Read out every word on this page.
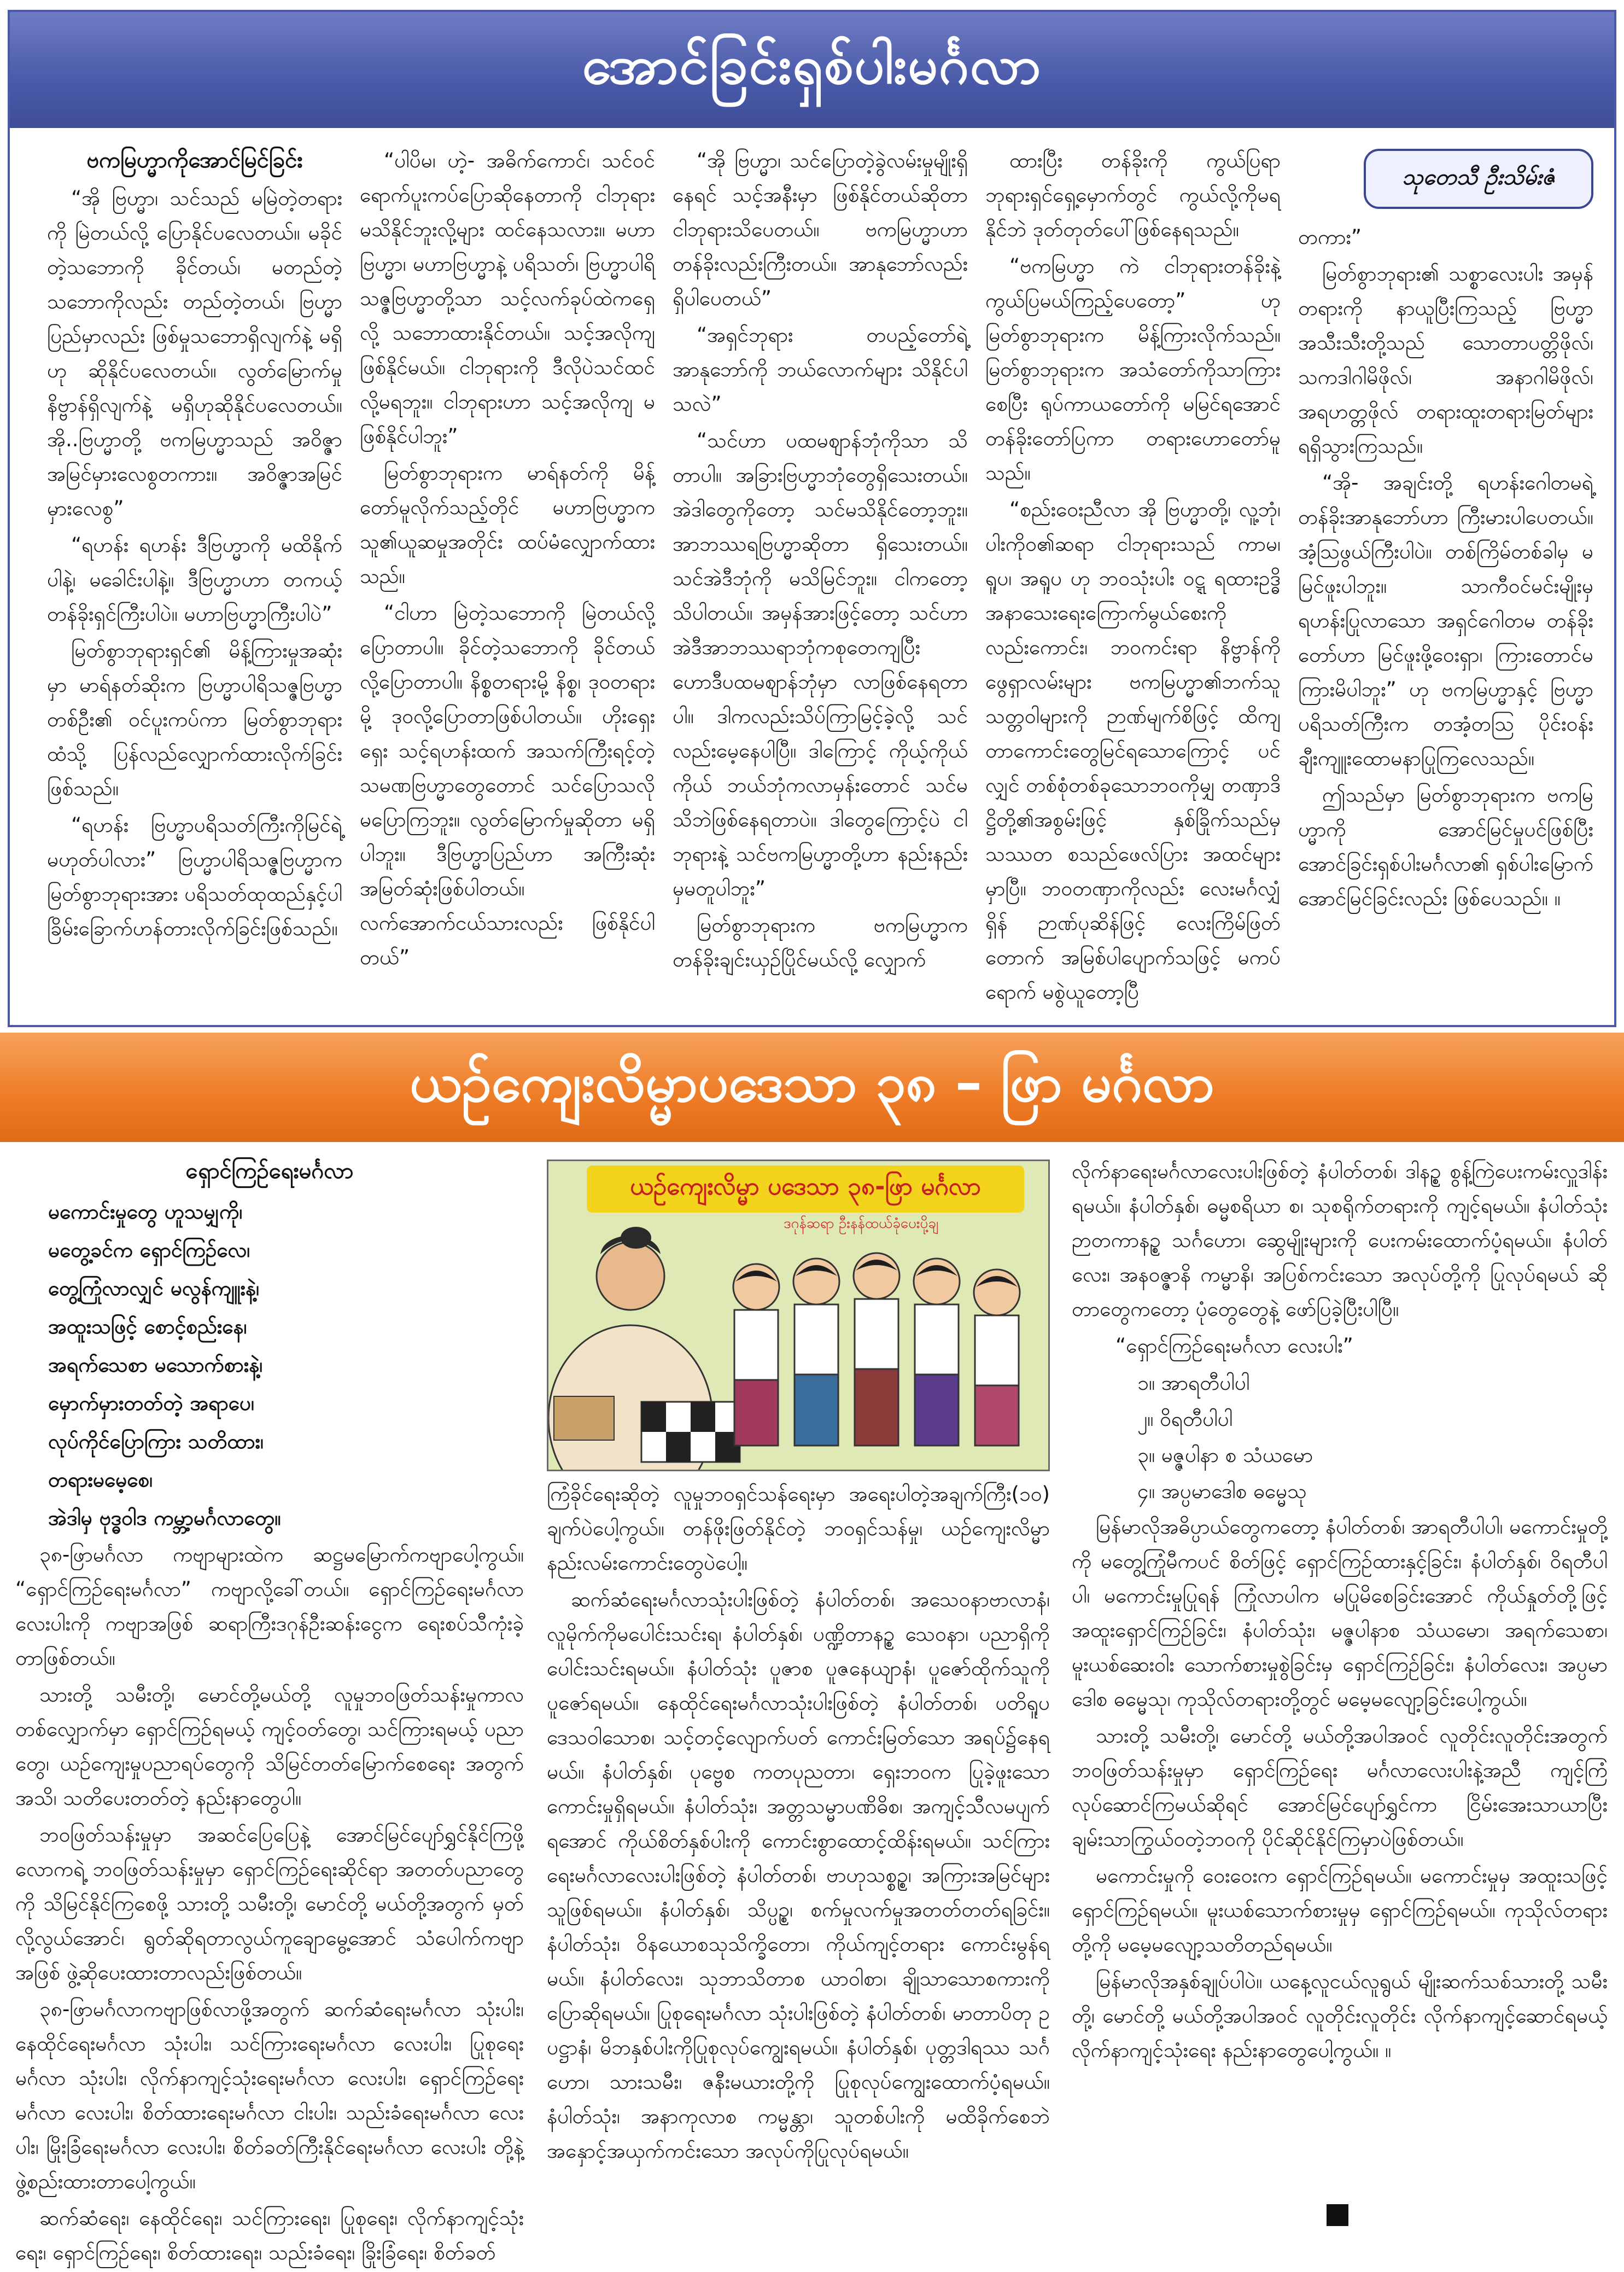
အောင်ခြင်းရှစ်ပါးမင်္ဂလာ
ဗကမြဟ္မာကိုအောင်မြင်ခြင်း

“အို ဗြဟ္မာ၊ သင်သည် မမြဲတဲ့တရားကို မြဲတယ်လို့ ပြောနိုင်ပလေတယ်။ မခိုင်တဲ့သဘောကို ခိုင်တယ်၊ မတည်တဲ့သဘောကိုလည်း တည်တဲ့တယ်၊ ဗြဟ္မာပြည်မှာလည်း ဖြစ်မှုသဘောရှိလျက်နဲ့ မရှိဟု ဆိုနိုင်ပလေတယ်။ လွတ်မြောက်မှုနိဗ္ဗာန်ရှိလျက်နဲ့ မရှိဟုဆိုနိုင်ပလေတယ်။ အို..ဗြဟ္မာတို့ ဗကမြဟ္မာသည် အဝိဇ္ဇာအမြင်မှားလေစွတကား။ အဝိဇ္ဇာအမြင်မှားလေစွ”

“ရဟန်း ရဟန်း ဒီဗြဟ္မာကို မထိနိုက်ပါနဲ့၊ မခေါင်းပါနဲ့။ ဒီဗြဟ္မာဟာ တကယ့်တန်ခိုးရှင်ကြီးပါပဲ။ မဟာဗြဟ္မာကြီးပါပဲ”

မြတ်စွာဘုရားရှင်၏ မိန့်ကြားမှုအဆုံးမှာ မာရ်နတ်ဆိုးက ဗြဟ္မာပါရိသဇ္ဇဗြဟ္မာတစ်ဦး၏ ဝင်ပူးကပ်ကာ မြတ်စွာဘုရားထံသို့ ပြန်လည်လျှောက်ထားလိုက်ခြင်းဖြစ်သည်။

“ရဟန်း ဗြဟ္မာပရိသတ်ကြီးကိုမြင်ရဲ့မဟုတ်ပါလား” ဗြဟ္မာပါရိသဇ္ဇဗြဟ္မာက မြတ်စွာဘုရားအား ပရိသတ်ထုထည်နှင့်ပါ ခြိမ်းခြောက်ဟန်တားလိုက်ခြင်းဖြစ်သည်။

“ပါပိမ၊ ဟဲ့- အဓိက်ကောင်၊ သင်ဝင်ရောက်ပူးကပ်ပြောဆိုနေတာကို ငါဘုရားမသိနိုင်ဘူးလို့များ ထင်နေသလား။ မဟာဗြဟ္မာ၊ မဟာဗြဟ္မာနဲ့ ပရိသတ်၊ ဗြဟ္မာပါရိသဇ္ဇဗြဟ္မာတို့သာ သင့်လက်ခုပ်ထဲကရှေလို့ သဘောထားနိုင်တယ်။ သင့်အလိုကျ ဖြစ်နိုင်မယ်။ ငါဘုရားကို ဒီလိုပဲသင်ထင်လို့မရဘူး။ ငါဘုရားဟာ သင့်အလိုကျ မဖြစ်နိုင်ပါဘူး”

မြတ်စွာဘုရားက မာရ်နတ်ကို မိန့်တော်မူလိုက်သည့်တိုင် မဟာဗြဟ္မာက သူ၏ယူဆမှုအတိုင်း ထပ်မံလျှောက်ထားသည်။

“ငါဟာ မြဲတဲ့သဘောကို မြဲတယ်လို့ ပြောတာပါ။ ခိုင်တဲ့သဘောကို ခိုင်တယ်လို့ပြောတာပါ။ နိစ္စတရားမို့ နိစ္စ၊ ဒုဝတရားမို့ ဒုဝလို့ပြောတာဖြစ်ပါတယ်။ ဟိုးရှေးရှေး သင့်ရဟန်းထက် အသက်ကြီးရင့်တဲ့ သမဏဗြဟ္မာတွေတောင် သင်ပြောသလို မပြောကြဘူး။ လွတ်မြောက်မှုဆိုတာ မရှိပါဘူး။ ဒီဗြဟ္မာပြည်ဟာ အကြီးဆုံး အမြတ်ဆုံးဖြစ်ပါတယ်။ လက်အောက်ငယ်သားလည်း ဖြစ်နိုင်ပါတယ်”

“အို ဗြဟ္မာ၊ သင်ပြောတဲ့ခွဲလမ်းမှုမျိုးရှိနေရင် သင့်အနီးမှာ ဖြစ်နိုင်တယ်ဆိုတာ ငါဘုရားသိပေတယ်။ ဗကမြဟ္မာဟာ တန်ခိုးလည်းကြီးတယ်။ အာနုဘော်လည်းရှိပါပေတယ်”

“အရှင်ဘုရား တပည့်တော်ရဲ့ အာနုဘော်ကို ဘယ်လောက်များ သိနိုင်ပါသလဲ”

“သင်ဟာ ပထမဈာန်ဘုံကိုသာ သိတာပါ။ အခြားဗြဟ္မာဘုံတွေရှိသေးတယ်။ အဲဒါတွေကိုတော့ သင်မသိနိုင်တော့ဘူး။ အာဘဿရဗြဟ္မာဆိုတာ ရှိသေးတယ်။ သင်အဲဒီဘုံကို မသိမြင်ဘူး။ ငါကတော့ သိပါတယ်။ အမှန်အားဖြင့်တော့ သင်ဟာ အဲဒီအာဘဿရာဘုံကစုတေကျပြီး ဟောဒီပထမဈာန်ဘုံမှာ လာဖြစ်နေရတာပါ။ ဒါကလည်းသိပ်ကြာမြင့်ခဲ့လို့ သင်လည်းမေ့နေပါပြီ။ ဒါကြောင့် ကိုယ့်ကိုယ်ကိုယ် ဘယ်ဘုံကလာမှန်းတောင် သင်မသိဘဲဖြစ်နေရတာပဲ။ ဒါတွေကြောင့်ပဲ ငါဘုရားနဲ့ သင်ဗကမြဟ္မာတို့ဟာ နည်းနည်းမှမတူပါဘူး”

မြတ်စွာဘုရားက ဗကမြဟ္မာက တန်ခိုးချင်းယှဉ်ပြိုင်မယ်လို့ လျှောက်

ထားပြီး တန်ခိုးကို ကွယ်ပြရာ ဘုရားရှင်ရှေ့မှောက်တွင် ကွယ်လို့ကိုမရနိုင်ဘဲ ဒုတ်တုတ်ပေါ်ဖြစ်နေရသည်။

“ဗကမြဟ္မာ ကဲ ငါဘုရားတန်ခိုးနဲ့ ကွယ်ပြမယ်ကြည့်ပေတော့” ဟုမြတ်စွာဘုရားက မိန့်ကြားလိုက်သည်။ မြတ်စွာဘုရားက အသံတော်ကိုသာကြားစေပြီး ရုပ်ကာယတော်ကို မမြင်ရအောင် တန်ခိုးတော်ပြကာ တရားဟောတော်မူသည်။

“စည်းဝေးညီလာ အို ဗြဟ္မာတို့၊ လူ့ဘုံ၊ ပါးကိုဝ၏ဆရာ ငါဘုရားသည် ကာမ၊ ရူပ၊ အရူပ ဟု ဘဝသုံးပါး ဝဋ္ဋ ရထားဥဒ္ဓိအနာသေးရေးကြောက်မွယ်စေးကိုလည်းကောင်း၊ ဘဝကင်းရာ နိဗ္ဗာန်ကို ဖွေရှာလမ်းများ ဗကမြဟ္မာ၏ဘက်သူသတ္တဝါများကို ဉာဏ်မျက်စိဖြင့် ထိကျတာကောင်းတွေမြင်ရသောကြောင့် ပင်လျှင် တစ်စုံတစ်ခုသောဘဝကိုမျှ တဏှာဒိဋ္ဌိတို့၏အစွမ်းဖြင့် နှစ်ခြိုက်သည်မှ သဿတ စသည်ဖေလ်ပြား အထင်များမှာပြီ။ ဘဝတဏှာကိုလည်း လေးမင်္ဂလျှံရှိန် ဉာဏ်ပုဆိန်ဖြင့် လေးကြိမ်ဖြတ်တောက် အမြစ်ပါပျောက်သဖြင့် မကပ်ရောက် မစွဲယူတော့ပြီ

သုတေသီ ဦးသိမ်းဇံ

တကား”

မြတ်စွာဘုရား၏ သစ္စာလေးပါး အမှန်တရားကို နာယူပြီးကြသည့် ဗြဟ္မာအသီးသီးတို့သည် သောတာပတ္တိဖိုလ်၊ သကဒါဂါမိဖိုလ်၊ အနာဂါမိဖိုလ်၊ အရဟတ္တဖိုလ် တရားထူးတရားမြတ်များ ရရှိသွားကြသည်။

“အို- အချင်းတို့ ရဟန်းဂေါတမရဲ့ တန်ခိုးအာနုဘော်ဟာ ကြီးမားပါပေတယ်။ အံ့သြဖွယ်ကြီးပါပဲ။ တစ်ကြိမ်တစ်ခါမှ မမြင်ဖူးပါဘူး။ သာကီဝင်မင်းမျိုးမှ ရဟန်းပြုလာသော အရှင်ဂေါတမ တန်ခိုးတော်ဟာ မြင်ဖူးဖို့ဝေးရှာ၊ ကြားတောင်မကြားမိပါဘူး” ဟု ဗကမြဟ္မာနှင့် ဗြဟ္မာပရိသတ်ကြီးက တအံ့တသြ ပိုင်းဝန်းချီးကျူးထောမနာပြုကြလေသည်။

ဤသည်မှာ မြတ်စွာဘုရားက ဗကမြဟ္မာကို အောင်မြင်မှုပင်ဖြစ်ပြီး အောင်ခြင်းရှစ်ပါးမင်္ဂလာ၏ ရှစ်ပါးမြောက်အောင်မြင်ခြင်းလည်း ဖြစ်ပေသည်။ ။

ယဉ်ကျေးလိမ္မာပဒေသာ ၃၈ – ဖြာ မင်္ဂလာ
ရှောင်ကြဉ်ရေးမင်္ဂလာ
မကောင်းမှုတွေ ဟူသမျှကို၊
မတွေ့ခင်က ရှောင်ကြဉ်လေ၊
တွေ့ကြုံလာလျှင် မလွန်ကျူးနဲ့၊
အထူးသဖြင့် စောင့်စည်းနေ၊
အရက်သေစာ မသောက်စားနဲ့၊
မှောက်မှားတတ်တဲ့ အရာပေ၊
လုပ်ကိုင်ပြောကြား သတိထား၊
တရားမမေ့စေ၊
အဲဒါမှ ဗုဒ္ဓဝါဒ ကမ္ဘာ့မင်္ဂလာတွေ။

၃၈-ဖြာမင်္ဂလာ ကဗျာများထဲက ဆဋ္ဌမမြောက်ကဗျာပေါ့ကွယ်။ “ရှောင်ကြဉ်ရေးမင်္ဂလာ” ကဗျာလို့ခေါ်တယ်။ ရှောင်ကြဉ်ရေးမင်္ဂလာ လေးပါးကို ကဗျာအဖြစ် ဆရာကြီးဒဂုန်ဦးဆန်းငွေက ရေးစပ်သီကုံးခဲ့တာဖြစ်တယ်။

သားတို့ သမီးတို့၊ မောင်တို့မယ်တို့ လူမှုဘဝဖြတ်သန်းမှုကာလ တစ်လျှောက်မှာ ရှောင်ကြဉ်ရမယ့် ကျင့်ဝတ်တွေ၊ သင်ကြားရမယ့် ပညာတွေ၊ ယဉ်ကျေးမှုပညာရပ်တွေကို သိမြင်တတ်မြောက်စေရေး အတွက် အသိ၊ သတိပေးတတ်တဲ့ နည်းနာတွေပါ။

ဘဝဖြတ်သန်းမှုမှာ အဆင်ပြေပြေနဲ့ အောင်မြင်ပျော်ရွှင်နိုင်ကြဖို့ လောကရဲ့ ဘဝဖြတ်သန်းမှုမှာ ရှောင်ကြဉ်ရေးဆိုင်ရာ အတတ်ပညာတွေကို သိမြင်နိုင်ကြစေဖို့ သားတို့ သမီးတို့၊ မောင်တို့ မယ်တို့အတွက် မှတ်လို့လွယ်အောင်၊ ရွတ်ဆိုရတာလွယ်ကူချောမွေ့အောင် သံပေါက်ကဗျာအဖြစ် ဖွဲ့ဆိုပေးထားတာလည်းဖြစ်တယ်။

၃၈-ဖြာမင်္ဂလာကဗျာဖြစ်လာဖို့အတွက် ဆက်ဆံရေးမင်္ဂလာ သုံးပါး၊ နေထိုင်ရေးမင်္ဂလာ သုံးပါး၊ သင်ကြားရေးမင်္ဂလာ လေးပါး၊ ပြုစုရေးမင်္ဂလာ သုံးပါး၊ လိုက်နာကျင့်သုံးရေးမင်္ဂလာ လေးပါး၊ ရှောင်ကြဉ်ရေးမင်္ဂလာ လေးပါး၊ စိတ်ထားရေးမင်္ဂလာ ငါးပါး၊ သည်းခံရေးမင်္ဂလာ လေးပါး၊ မြိုးခြံရေးမင်္ဂလာ လေးပါး၊ စိတ်ခတ်ကြီးနိုင်ရေးမင်္ဂလာ လေးပါး တို့နဲ့ ဖွဲ့စည်းထားတာပေါ့ကွယ်။

ဆက်ဆံရေး၊ နေထိုင်ရေး၊ သင်ကြားရေး၊ ပြုစုရေး၊ လိုက်နာကျင့်သုံးရေး၊ ရှောင်ကြဉ်ရေး၊ စိတ်ထားရေး၊ သည်းခံရေး၊ ခြိုးခြံရေး၊ စိတ်ခတ်

ယဉ်ကျေးလိမ္မာ ပဒေသာ ၃၈-ဖြာ မင်္ဂလာ
ဒဂုန်ဆရာ ဦးနန်ထယ်ခုံပေးပို့ချ

ကြံခိုင်ရေးဆိုတဲ့ လူမှုဘဝရှင်သန်ရေးမှာ အရေးပါတဲ့အချက်ကြီး(၁၀) ချက်ပဲပေါ့ကွယ်။ တန်ဖိုးဖြတ်နိုင်တဲ့ ဘဝရှင်သန်မှု၊ ယဉ်ကျေးလိမ္မာ နည်းလမ်းကောင်းတွေပဲပေါ့။

ဆက်ဆံရေးမင်္ဂလာသုံးပါးဖြစ်တဲ့ နံပါတ်တစ်၊ အသေဝနာဗာလာနံ၊ လူမိုက်ကိုမပေါင်းသင်းရ၊ နံပါတ်နှစ်၊ ပဏ္ဍိတာနဉ္စ သေဝနာ၊ ပညာရှိကိုပေါင်းသင်းရမယ်။ နံပါတ်သုံး ပူဇာစ ပူဇနေယျာနံ၊ ပူဇော်ထိုက်သူကို ပူဇော်ရမယ်။ နေထိုင်ရေးမင်္ဂလာသုံးပါးဖြစ်တဲ့ နံပါတ်တစ်၊ ပတိရူပဒေသဝါသောစ၊ သင့်တင့်လျောက်ပတ် ကောင်းမြတ်သော အရပ်၌နေရမယ်။ နံပါတ်နှစ်၊ ပုဗ္ဗေစ ကတပုညတာ၊ ရှေးဘဝက ပြုခဲ့ဖူးသောကောင်းမှုရှိရမယ်။ နံပါတ်သုံး၊ အတ္တသမ္မာပဏိဓိစ၊ အကျင့်သီလမပျက်ရအောင် ကိုယ်စိတ်နှစ်ပါးကို ကောင်းစွာထောင့်ထိန်းရမယ်။ သင်ကြားရေးမင်္ဂလာလေးပါးဖြစ်တဲ့ နံပါတ်တစ်၊ ဗာဟုသစ္စဥ္စ၊ အကြားအမြင်များသူဖြစ်ရမယ်။ နံပါတ်နှစ်၊ သိပ္ပဉ္စ၊ စက်မှုလက်မှုအတတ်တတ်ရခြင်း။ နံပါတ်သုံး၊ ဝိနယောစသုသိက္ခိတော၊ ကိုယ်ကျင့်တရား ကောင်းမွန်ရမယ်။ နံပါတ်လေး၊ သုဘာသိတာစ ယာဝါစာ၊ ချိုသာသောစကားကို ပြောဆိုရမယ်။ ပြုစုရေးမင်္ဂလာ သုံးပါးဖြစ်တဲ့ နံပါတ်တစ်၊ မာတာပိတု ဥပဋ္ဌာနံ၊ မိဘနှစ်ပါးကိုပြုစုလုပ်ကျွေးရမယ်။ နံပါတ်နှစ်၊ ပုတ္တဒါရဿ သင်္ဂဟော၊ သားသမီး၊ ဇနီးမယားတို့ကို ပြုစုလုပ်ကျွေးထောက်ပံ့ရမယ်။ နံပါတ်သုံး၊ အနာကုလာစ ကမ္မန္တာ၊ သူတစ်ပါးကို မထိခိုက်စေဘဲ အနှောင့်အယှက်ကင်းသော အလုပ်ကိုပြုလုပ်ရမယ်။

လိုက်နာရေးမင်္ဂလာလေးပါးဖြစ်တဲ့ နံပါတ်တစ်၊ ဒါနဉ္စ စွန့်ကြဲပေးကမ်းလှူဒါန်းရမယ်။ နံပါတ်နှစ်၊ ဓမ္မစရိယာ စ၊ သုစရိုက်တရားကို ကျင့်ရမယ်။ နံပါတ်သုံး ဉာတကာနဉ္စ သင်္ဂဟော၊ ဆွေမျိုးများကို ပေးကမ်းထောက်ပံ့ရမယ်။ နံပါတ်လေး၊ အနဝဇ္ဇာနိ ကမ္မာနိ၊ အပြစ်ကင်းသော အလုပ်တို့ကို ပြုလုပ်ရမယ် ဆိုတာတွေကတော့ ပုံတွေတွေနဲ့ ဖော်ပြခဲ့ပြီးပါပြီ။

“ရှောင်ကြဉ်ရေးမင်္ဂလာ လေးပါး”

၁။ အာရတီပါပါ
၂။ ဝိရတီပါပါ
၃။ မဇ္ဇပါနာ စ သံယမော
၄။ အပ္ပမာဒေါစ ဓမ္မေသု

မြန်မာလိုအဓိပ္ပာယ်တွေကတော့ နံပါတ်တစ်၊ အာရတီပါပါ၊ မကောင်းမှုတို့ကို မတွေ့ကြုံမီကပင် စိတ်ဖြင့် ရှောင်ကြဉ်ထားနှင့်ခြင်း၊ နံပါတ်နှစ်၊ ဝိရတီပါပါ၊ မကောင်းမှုပြုရန် ကြုံလာပါက မပြုမိစေခြင်းအောင် ကိုယ်နှုတ်တို့ဖြင့် အထူးရှောင်ကြဉ်ခြင်း၊ နံပါတ်သုံး၊ မဇ္ဇပါနာစ သံယမော၊ အရက်သေစာ၊ မူးယစ်ဆေးဝါး သောက်စားမှုစွဲခြင်းမှ ရှောင်ကြဉ်ခြင်း၊ နံပါတ်လေး၊ အပ္ပမာဒေါစ ဓမ္မေသု၊ ကုသိုလ်တရားတို့တွင် မမေ့မလျော့ခြင်းပေါ့ကွယ်။

သားတို့ သမီးတို့၊ မောင်တို့ မယ်တို့အပါအဝင် လူတိုင်းလူတိုင်းအတွက် ဘဝဖြတ်သန်းမှုမှာ ရှောင်ကြဉ်ရေး မင်္ဂလာလေးပါးနဲ့အညီ ကျင့်ကြံလုပ်ဆောင်ကြမယ်ဆိုရင် အောင်မြင်ပျော်ရွှင်ကာ ငြိမ်းအေးသာယာပြီး ချမ်းသာကြွယ်ဝတဲ့ဘဝကို ပိုင်ဆိုင်နိုင်ကြမှာပဲဖြစ်တယ်။

မကောင်းမှုကို ဝေးဝေးက ရှောင်ကြဉ်ရမယ်။ မကောင်းမှုမှ အထူးသဖြင့်ရှောင်ကြဉ်ရမယ်။ မူးယစ်သောက်စားမှုမှ ရှောင်ကြဉ်ရမယ်။ ကုသိုလ်တရားတို့ကို မမေ့မလျော့သတိတည်ရမယ်။

မြန်မာလိုအနှစ်ချုပ်ပါပဲ။ ယနေ့လူငယ်လူရွယ် မျိုးဆက်သစ်သားတို့ သမီးတို့၊ မောင်တို့ မယ်တို့အပါအဝင် လူတိုင်းလူတိုင်း လိုက်နာကျင့်ဆောင်ရမယ့် လိုက်နာကျင့်သုံးရေး နည်းနာတွေပေါ့ကွယ်။ ။
